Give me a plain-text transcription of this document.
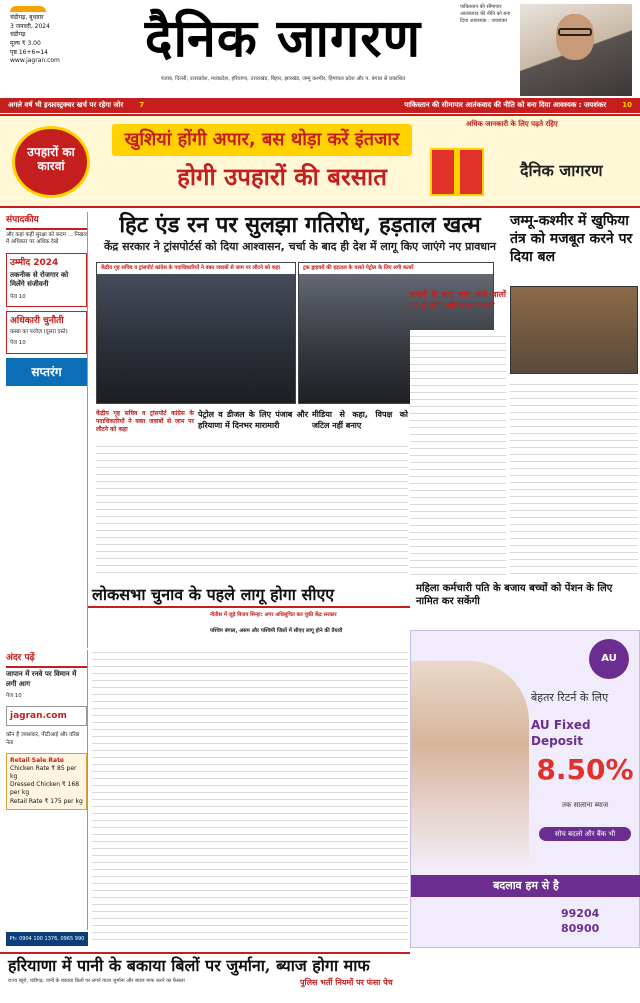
चंडीगढ़, बुधवार
3 जनवरी, 2024
चंडीगढ़
मूल्य ₹ 3.00
पृष्ठ 16+6=14
www.jagran.com	दैनिक जागरण
पंजाब, दिल्ली, उत्तरप्रदेश, मध्यप्रदेश, हरियाणा, उत्तराखंड, बिहार, झारखंड, जम्मू कश्मीर, हिमाचल प्रदेश और प. बंगाल से प्रकाशित
पाकिस्तान की सीमापार आतंकवाद की नीति को बना दिया आवश्यक : जयशंकर
अगले वर्ष भी इन्फ्रास्ट्रक्चर खर्च पर रहेगा जोर	7	पाकिस्तान की सीमापार आतंकवाद की नीति को बना दिया आवश्यक : जयशंकर	10
उपहारों का कारवां
खुशियां होंगी अपार, बस थोड़ा करें इंतजार
होगी उपहारों की बरसात
अधिक जानकारी के लिए पढ़ते रहिए
दैनिक जागरण
संपादकीय
और कहां कहीं सुरक्षा को कदम ... निखार में अधिकार पर अधिक देखें
उम्मीद 2024
तकनीक से रोजगार को मिलेंगे संजीवनी
पेज 10
अधिकारी चुनौती
कस्बा का परवेज़ (दूसरा दस्ते)
पेज 10
सप्तरंग
हिट एंड रन पर सुलझा गतिरोध, हड़ताल खत्म
केंद्र सरकार ने ट्रांसपोर्टर्स को दिया आश्वासन, चर्चा के बाद ही देश में लागू किए जाएंगे नए प्रावधान
केंद्रीय गृह सचिव व ट्रांसपोर्ट कांग्रेस के पदाधिकारियों ने वक्त जवाबों से जाम पर लौटने को कहा	ट्रक ड्राइवरों की हड़ताल के चलते पेट्रोल के लिए लगी कतारें
केंद्रीय गृह सचिव व ट्रांसपोर्ट कांग्रेस के पदाधिकारियों ने वक्त जवाबों से जाम पर लौटने को कहा
पेट्रोल व डीजल के लिए पंजाब और हरियाणा में दिनभर मारामारी
मीडिया से कहा, विपक्ष को जटिल नहीं बनाए
जम्मू-कश्मीर में खुफिया तंत्र को मजबूत करने पर दिया बल
हाशरों से बाद भाग जाने वालों पर ही होगी अधिकतम सजाएँ
लोकसभा चुनाव के पहले लागू होगा सीएए
नीतीश में जुड़े विजय सिन्हा: अगर अधिसूचित कर चुकी केंद्र सरकार
पश्चिम बंगाल, असम और पश्चिमी जिलों में सीएए लागू होने की तैयारी
महिला कर्मचारी पति के बजाय बच्चों को पेंशन के लिए नामित कर सकेंगी
AU
बेहतर रिटर्न के लिए
AU Fixed Deposit
8.50%
तक सालाना ब्याज
सोच बदलो और बैंक भी
बदलाव हम से है
99204 80900
अंदर पढ़ें
जापान में रनवे पर विमान में लगी आग
पेज 10
jagran.com
कौन हैं जयशंकर, पीटीआई और वरिष्ठ नेता
Retail Sale Rate
Chicken Rate ₹ 85 per kg
Dressed Chicken ₹ 168 per kg
Retail Rate ₹ 175 per kg
Ph: 0904 100 1376, 0965 990 9666
हरियाणा में पानी के बकाया बिलों पर जुर्माना, ब्याज होगा माफ
राज्य ब्यूरो, चंडीगढ़: पानी के बकाया बिलों पर लगने वाला जुर्माना और ब्याज माफ करने का फैसला	पुलिस भर्ती नियमों पर फंसा पेच
